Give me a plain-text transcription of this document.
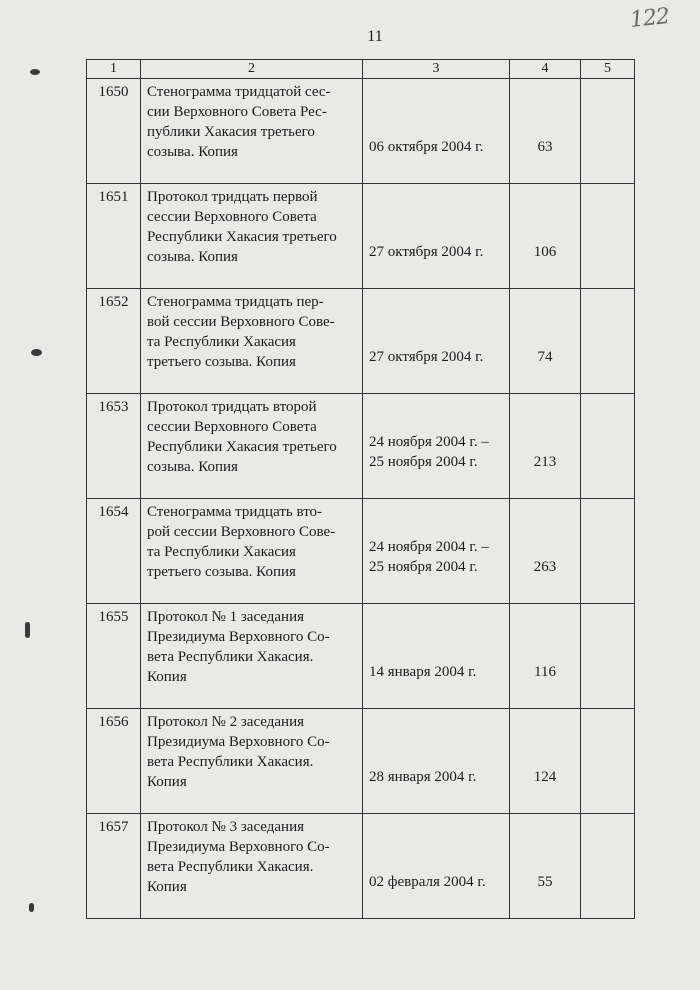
11
122
1	2	3	4	5
1650	Стенограмма тридцатой сес-
сии Верховного Совета Рес-
публики Хакасия третьего
созыва. Копия	06 октября 2004 г.	63	
1651	Протокол тридцать первой
сессии Верховного Совета
Республики Хакасия третьего
созыва. Копия	27 октября 2004 г.	106	
1652	Стенограмма тридцать пер-
вой сессии Верховного Сове-
та Республики Хакасия
третьего созыва. Копия	27 октября 2004 г.	74	
1653	Протокол тридцать второй
сессии Верховного Совета
Республики Хакасия третьего
созыва. Копия	24 ноября 2004 г. –
25 ноября 2004 г.	213	
1654	Стенограмма тридцать вто-
рой сессии Верховного Сове-
та Республики Хакасия
третьего созыва. Копия	24 ноября 2004 г. –
25 ноября 2004 г.	263	
1655	Протокол № 1 заседания
Президиума Верховного Со-
вета Республики Хакасия.
Копия	14 января 2004 г.	116	
1656	Протокол № 2 заседания
Президиума Верховного Со-
вета Республики Хакасия.
Копия	28 января 2004 г.	124	
1657	Протокол № 3 заседания
Президиума Верховного Со-
вета Республики Хакасия.
Копия	02 февраля 2004 г.	55	
